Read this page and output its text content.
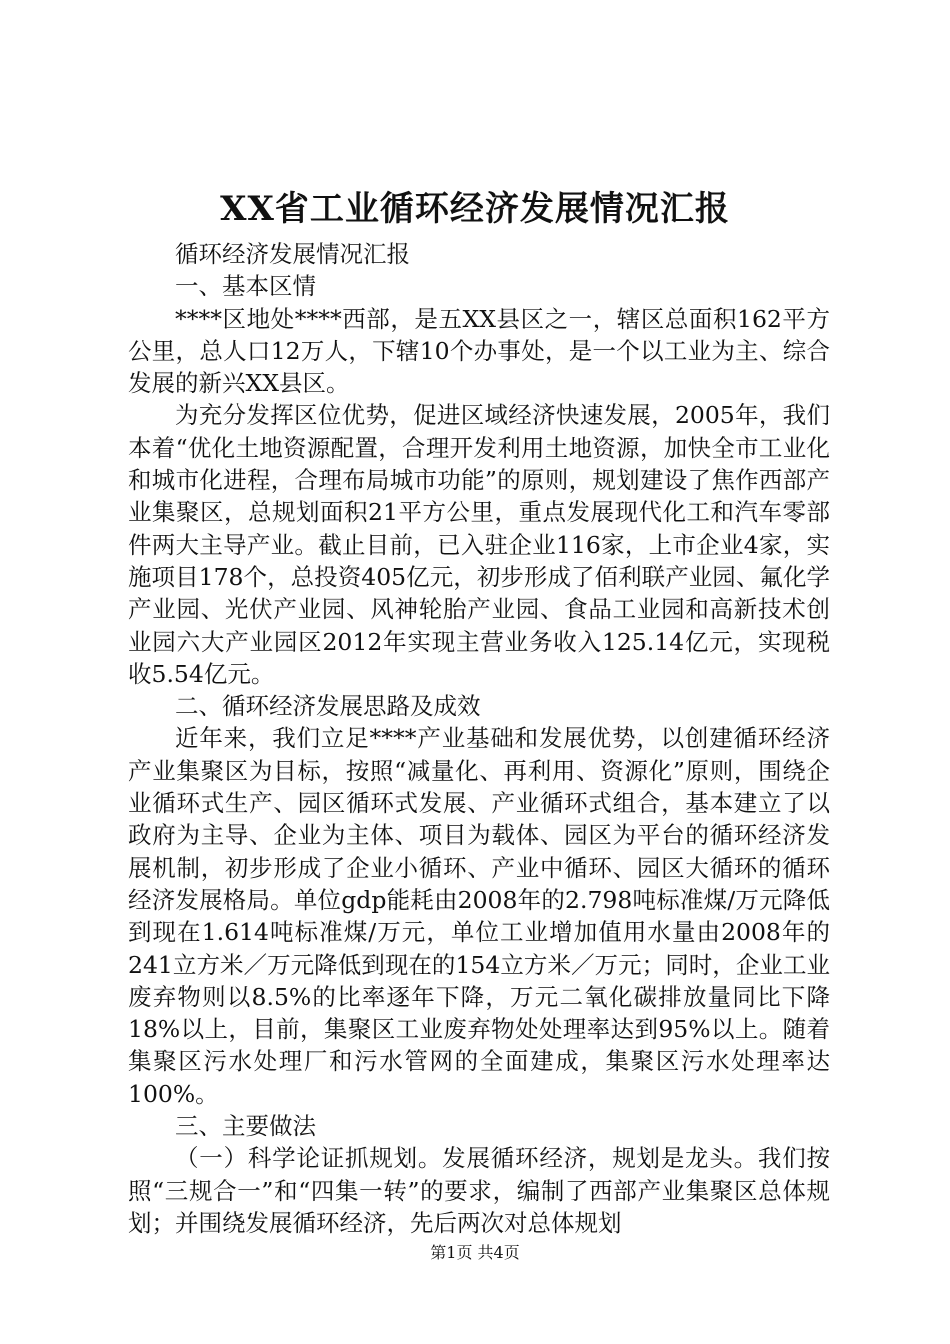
XX省工业循环经济发展情况汇报

循环经济发展情况汇报

一、基本区情

****区地处****西部，是五XX县区之一，辖区总面积162平方公里，总人口12万人，下辖10个办事处，是一个以工业为主、综合发展的新兴XX县区。

为充分发挥区位优势，促进区域经济快速发展，2005年，我们本着“优化土地资源配置，合理开发利用土地资源，加快全市工业化和城市化进程，合理布局城市功能”的原则，规划建设了焦作西部产业集聚区，总规划面积21平方公里，重点发展现代化工和汽车零部件两大主导产业。截止目前，已入驻企业116家，上市企业4家，实施项目178个，总投资405亿元，初步形成了佰利联产业园、氟化学产业园、光伏产业园、风神轮胎产业园、食品工业园和高新技术创业园六大产业园区2012年实现主营业务收入125.14亿元，实现税收5.54亿元。

二、循环经济发展思路及成效

近年来，我们立足****产业基础和发展优势，以创建循环经济产业集聚区为目标，按照“减量化、再利用、资源化”原则，围绕企业循环式生产、园区循环式发展、产业循环式组合，基本建立了以政府为主导、企业为主体、项目为载体、园区为平台的循环经济发展机制，初步形成了企业小循环、产业中循环、园区大循环的循环经济发展格局。单位gdp能耗由2008年的2.798吨标准煤/万元降低到现在1.614吨标准煤/万元，单位工业增加值用水量由2008年的241立方米／万元降低到现在的154立方米／万元；同时，企业工业废弃物则以8.5%的比率逐年下降，万元二氧化碳排放量同比下降18%以上，目前，集聚区工业废弃物处处理率达到95%以上。随着集聚区污水处理厂和污水管网的全面建成，集聚区污水处理率达100%。

三、主要做法

（一）科学论证抓规划。发展循环经济，规划是龙头。我们按照“三规合一”和“四集一转”的要求，编制了西部产业集聚区总体规划；并围绕发展循环经济，先后两次对总体规划

第1页 共4页
